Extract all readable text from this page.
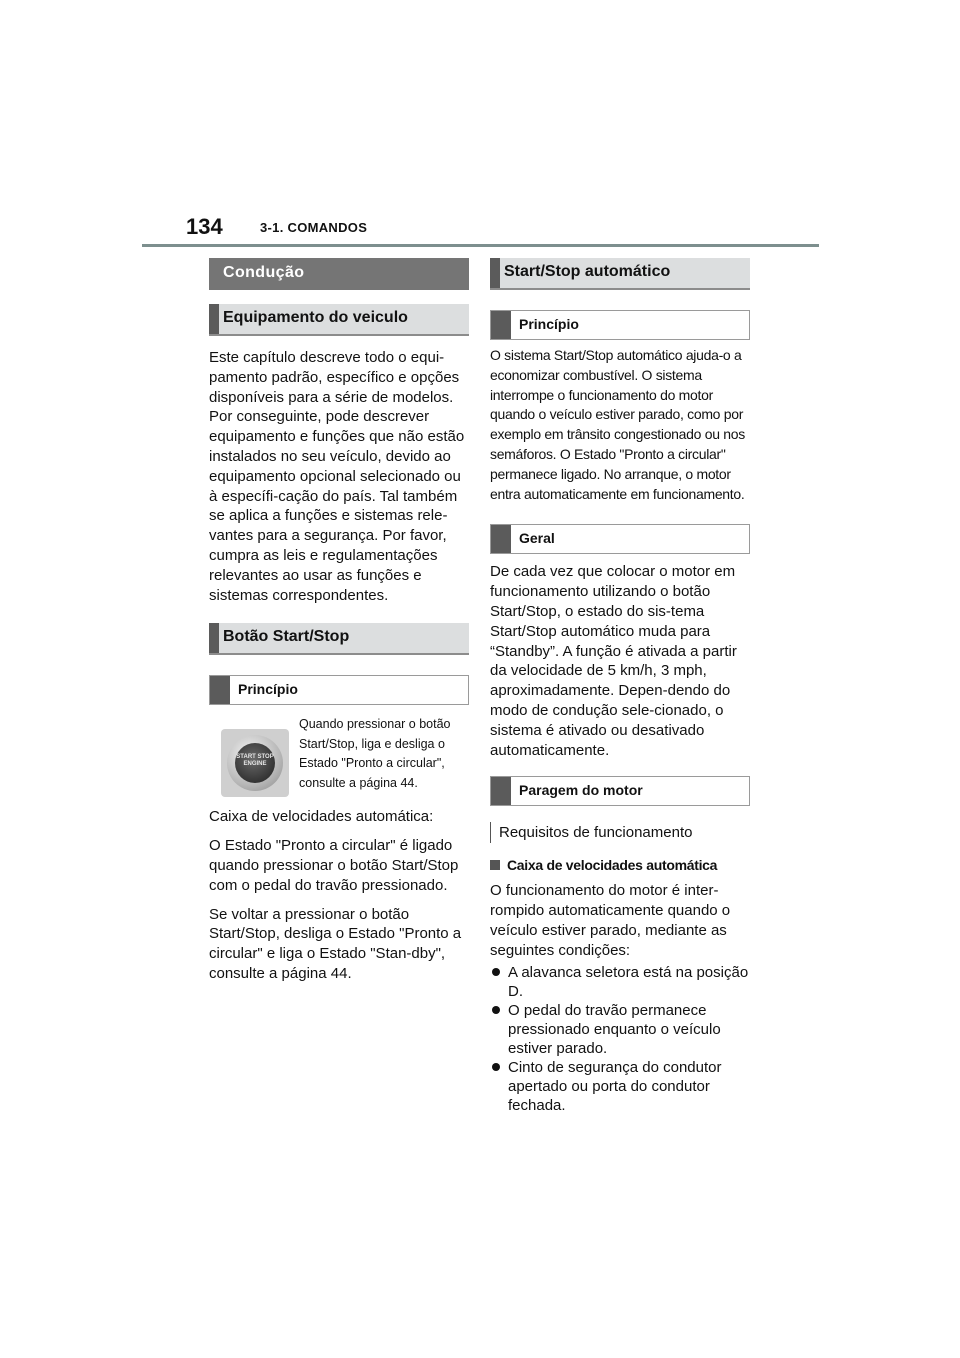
134	3-1. COMANDOS
Condução
Equipamento do veiculo

Este capítulo descreve todo o equi-pamento padrão, específico e opções disponíveis para a série de modelos. Por conseguinte, pode descrever equipamento e funções que não estão instalados no seu veículo, devido ao equipamento opcional selecionado ou à específi-cação do país. Tal também se aplica a funções e sistemas rele-vantes para a segurança. Por favor, cumpra as leis e regulamentações relevantes ao usar as funções e sistemas correspondentes.

Botão Start/Stop
Princípio
START STOP ENGINE

Quando pressionar o botão Start/Stop, liga e desliga o Estado "Pronto a circular", consulte a página 44.

Caixa de velocidades automática:

O Estado "Pronto a circular" é ligado quando pressionar o botão Start/Stop com o pedal do travão pressionado.

Se voltar a pressionar o botão Start/Stop, desliga o Estado "Pronto a circular" e liga o Estado "Stan-dby", consulte a página 44.

Start/Stop automático
Princípio

O sistema Start/Stop automático ajuda-o a economizar combustível. O sistema interrompe o funcionamento do motor quando o veículo estiver parado, como por exemplo em trânsito congestionado ou nos semáforos. O Estado "Pronto a circular" permanece ligado. No arranque, o motor entra automaticamente em funcionamento.

Geral

De cada vez que colocar o motor em funcionamento utilizando o botão Start/Stop, o estado do sis-tema Start/Stop automático muda para “Standby”. A função é ativada a partir da velocidade de 5 km/h, 3 mph, aproximadamente. Depen-dendo do modo de condução sele-cionado, o sistema é ativado ou desativado automaticamente.

Paragem do motor
Requisitos de funcionamento
Caixa de velocidades automática

O funcionamento do motor é inter-rompido automaticamente quando o veículo estiver parado, mediante as seguintes condições:

A alavanca seletora está na posição D.
O pedal do travão permanece pressionado enquanto o veículo estiver parado.
Cinto de segurança do condutor apertado ou porta do condutor fechada.
